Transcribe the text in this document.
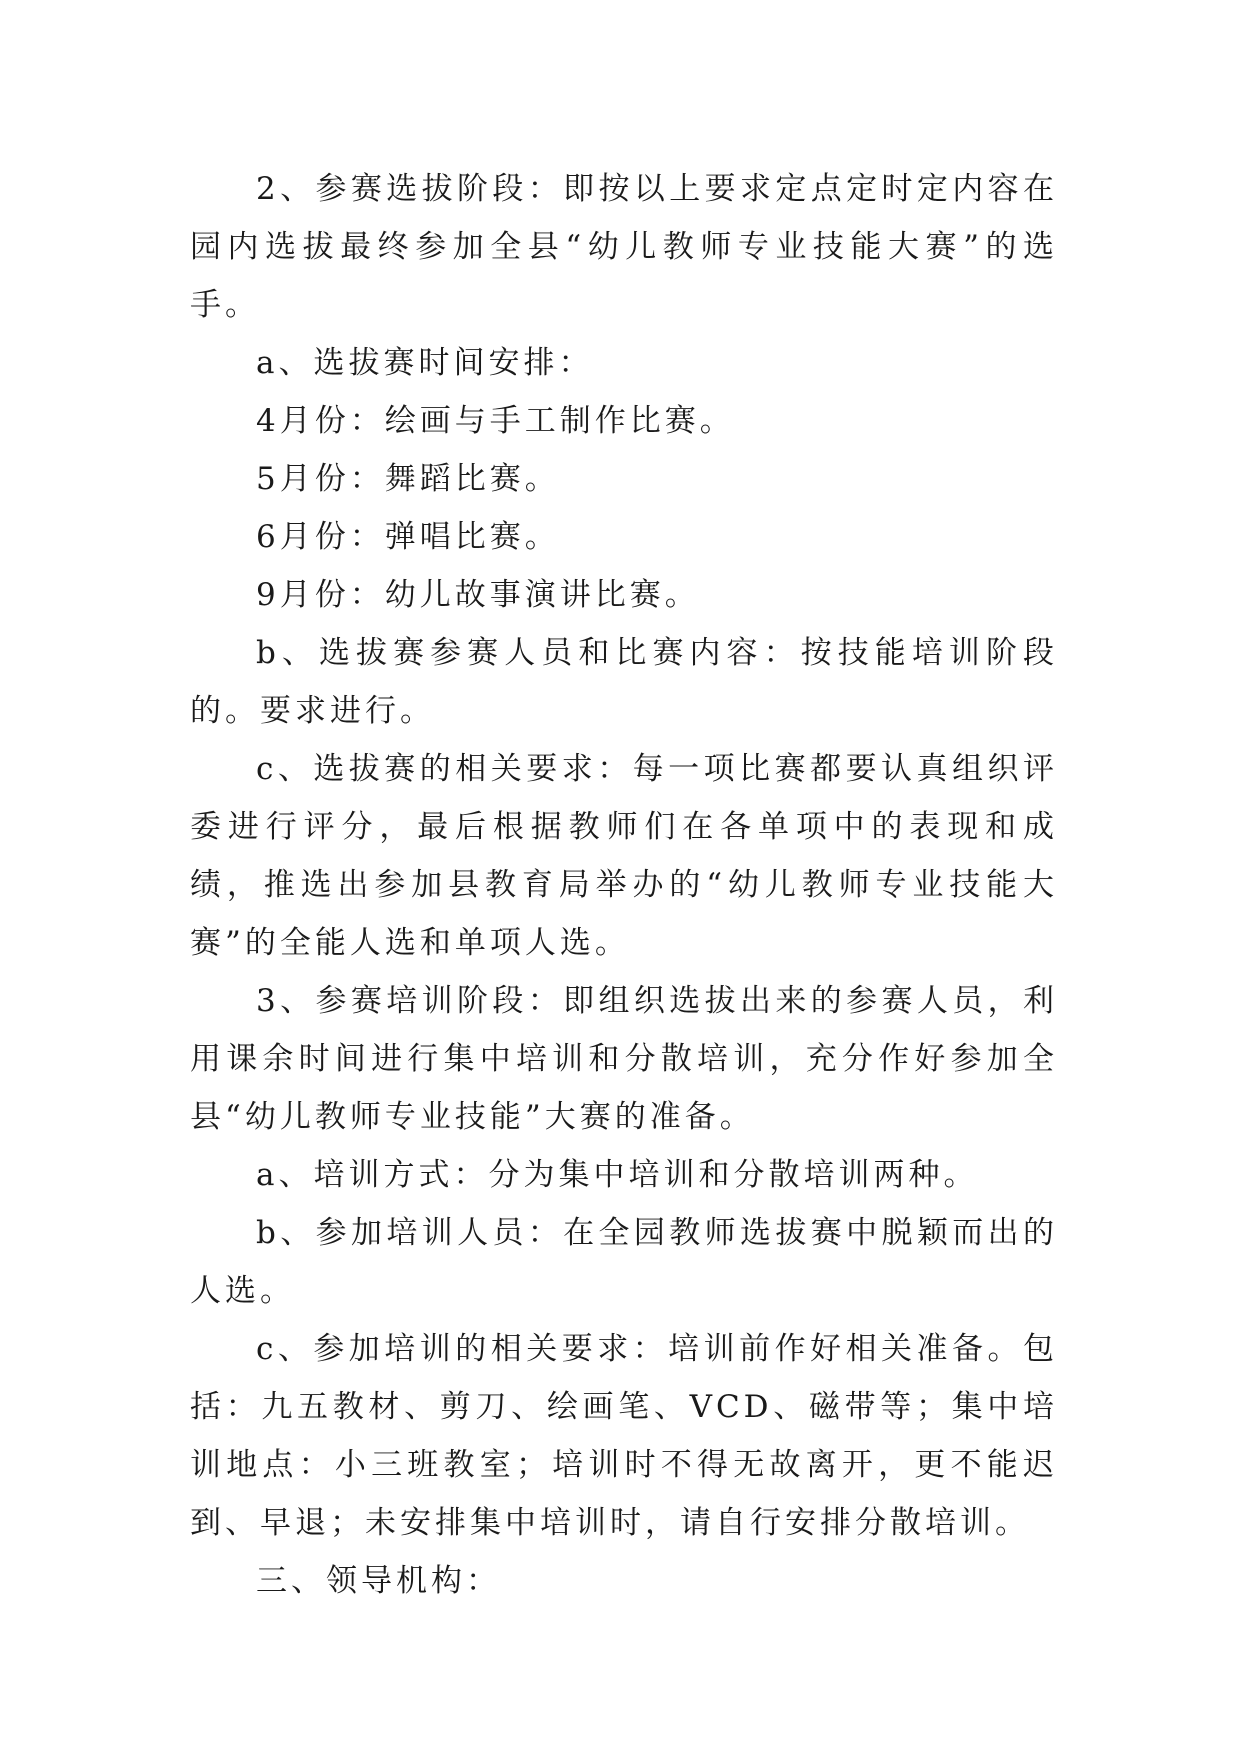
2、参赛选拔阶段：即按以上要求定点定时定内容在园内选拔最终参加全县“幼儿教师专业技能大赛”的选手。

a、选拔赛时间安排：

4月份：绘画与手工制作比赛。

5月份：舞蹈比赛。

6月份：弹唱比赛。

9月份：幼儿故事演讲比赛。

b、选拔赛参赛人员和比赛内容：按技能培训阶段的。要求进行。

c、选拔赛的相关要求：每一项比赛都要认真组织评委进行评分，最后根据教师们在各单项中的表现和成绩，推选出参加县教育局举办的“幼儿教师专业技能大赛”的全能人选和单项人选。

3、参赛培训阶段：即组织选拔出来的参赛人员，利用课余时间进行集中培训和分散培训，充分作好参加全县“幼儿教师专业技能”大赛的准备。

a、培训方式：分为集中培训和分散培训两种。

b、参加培训人员：在全园教师选拔赛中脱颖而出的人选。

c、参加培训的相关要求：培训前作好相关准备。包括：九五教材、剪刀、绘画笔、VCD、磁带等；集中培训地点：小三班教室；培训时不得无故离开，更不能迟到、早退；未安排集中培训时，请自行安排分散培训。

三、领导机构：
